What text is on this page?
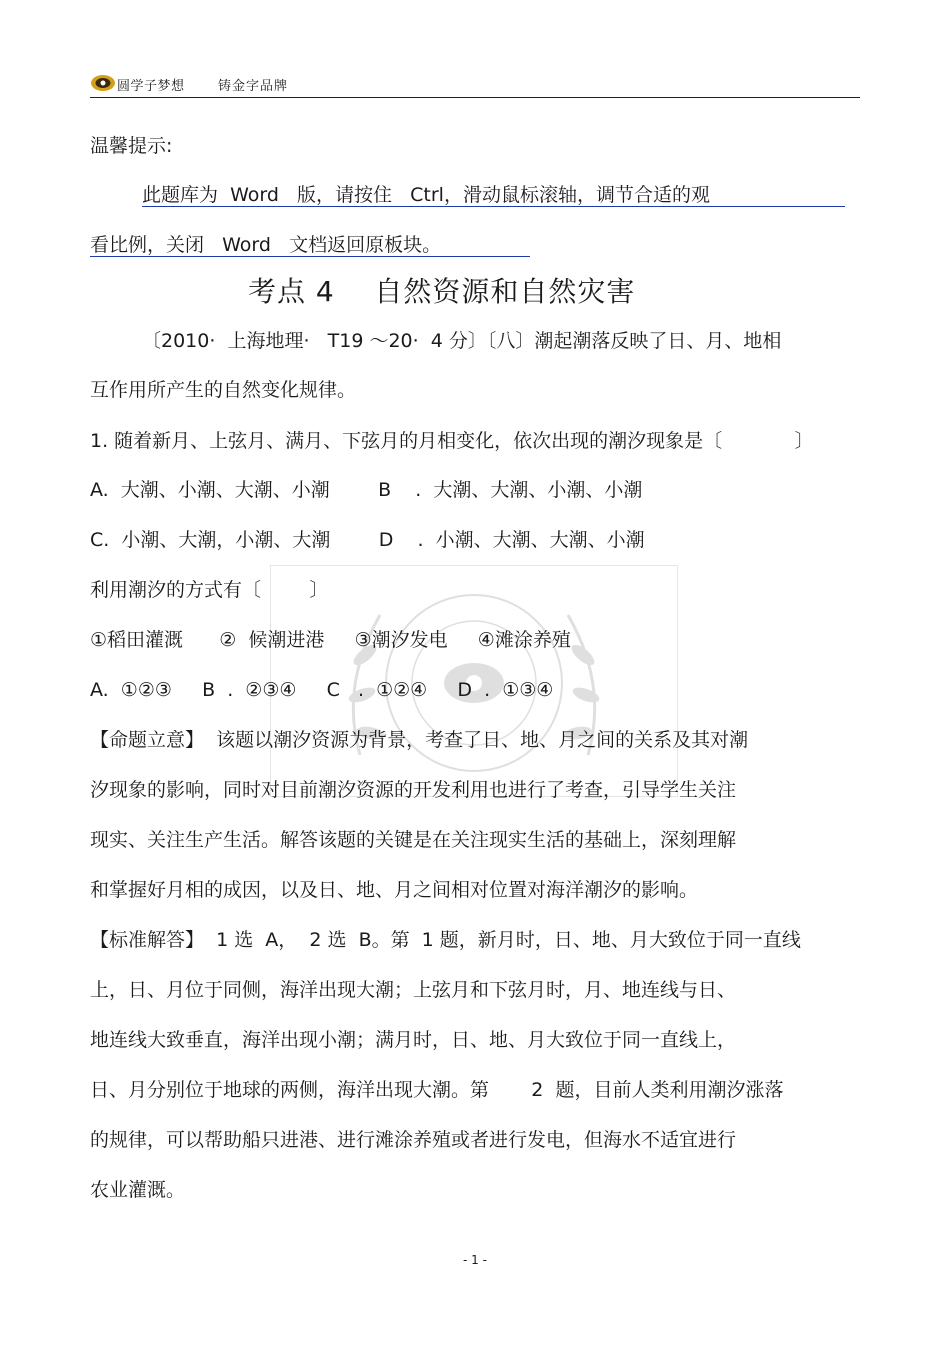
圆学子梦想	铸金字品牌
温馨提示:
此题库为  Word   版，请按住   Ctrl，滑动鼠标滚轴，调节合适的观
看比例，关闭   Word   文档返回原板块。
考点 4    自然资源和自然灾害
〔2010·  上海地理·   T19 ～20·  4 分〕〔八〕潮起潮落反映了日、月、地相
互作用所产生的自然变化规律。
1. 随着新月、上弦月、满月、下弦月的月相变化，依次出现的潮汐现象是〔            〕
A.  大潮、小潮、大潮、小潮        B    .  大潮、大潮、小潮、小潮
C.  小潮、大潮，小潮、大潮        D    .  小潮、大潮、大潮、小潮
利用潮汐的方式有〔        〕
①稻田灌溉      ②  候潮进港     ③潮汐发电     ④滩涂养殖
A.  ①②③     B  .  ②③④     C   .  ①②④     D  .  ①③④
【命题立意】  该题以潮汐资源为背景，考查了日、地、月之间的关系及其对潮
汐现象的影响，同时对目前潮汐资源的开发利用也进行了考查，引导学生关注
现实、关注生产生活。解答该题的关键是在关注现实生活的基础上，深刻理解
和掌握好月相的成因，以及日、地、月之间相对位置对海洋潮汐的影响。
【标准解答】  1 选  A，  2 选  B。第  1 题，新月时，日、地、月大致位于同一直线
上，日、月位于同侧，海洋出现大潮；上弦月和下弦月时，月、地连线与日、
地连线大致垂直，海洋出现小潮；满月时，日、地、月大致位于同一直线上，
日、月分别位于地球的两侧，海洋出现大潮。第       2  题，目前人类利用潮汐涨落
的规律，可以帮助船只进港、进行滩涂养殖或者进行发电，但海水不适宜进行
农业灌溉。
- 1 -
